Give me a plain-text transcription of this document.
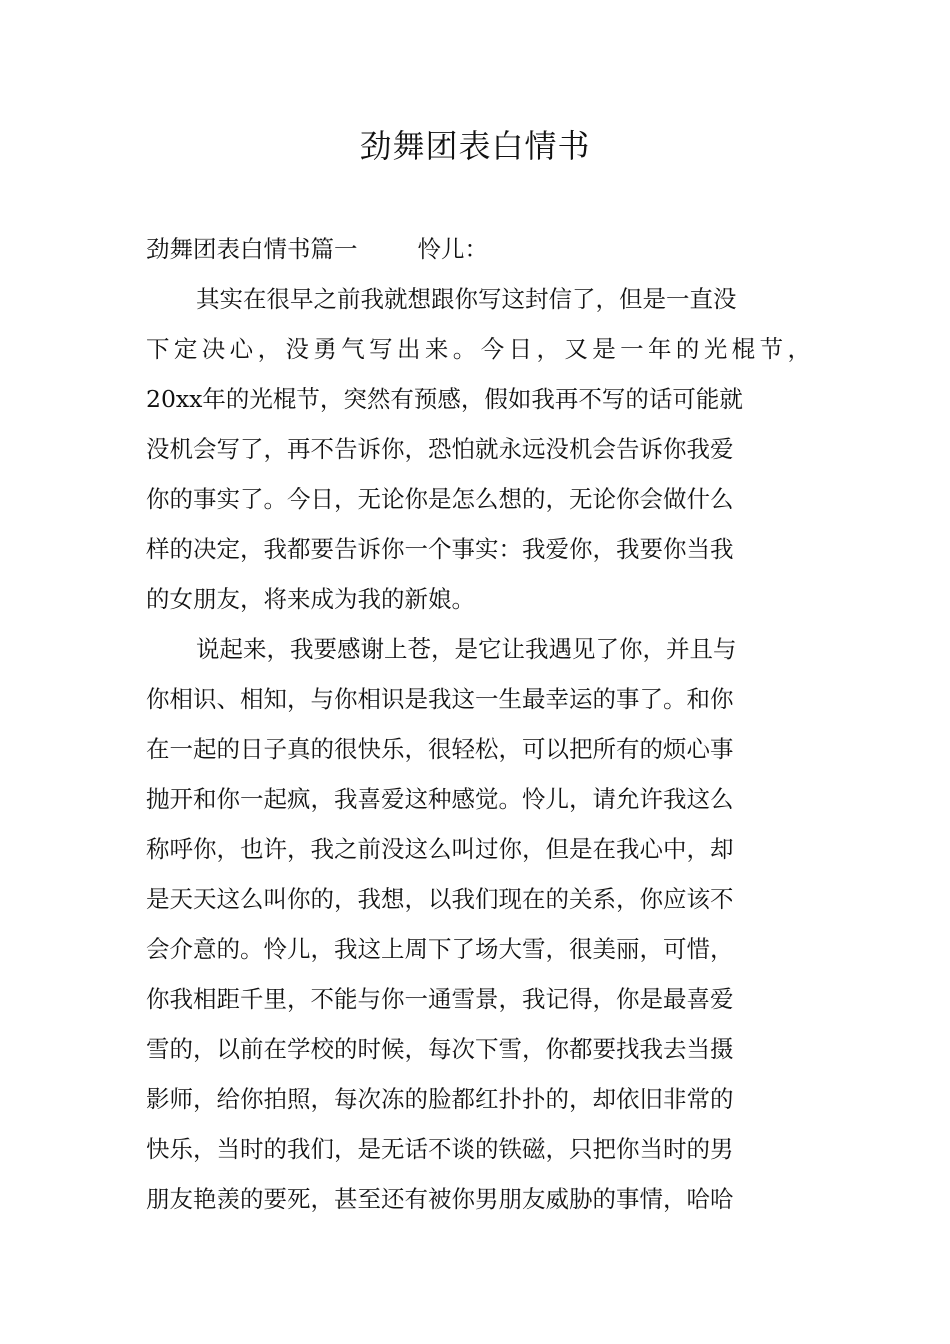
劲舞团表白情书
劲舞团表白情书篇一	怜儿：
其实在很早之前我就想跟你写这封信了，但是一直没
下定决心，没勇气写出来。今日，又是一年的光棍节，
20xx年的光棍节，突然有预感，假如我再不写的话可能就
没机会写了，再不告诉你，恐怕就永远没机会告诉你我爱
你的事实了。今日，无论你是怎么想的，无论你会做什么
样的决定，我都要告诉你一个事实：我爱你，我要你当我
的女朋友，将来成为我的新娘。
说起来，我要感谢上苍，是它让我遇见了你，并且与
你相识、相知，与你相识是我这一生最幸运的事了。和你
在一起的日子真的很快乐，很轻松，可以把所有的烦心事
抛开和你一起疯，我喜爱这种感觉。怜儿，请允许我这么
称呼你，也许，我之前没这么叫过你，但是在我心中，却
是天天这么叫你的，我想，以我们现在的关系，你应该不
会介意的。怜儿，我这上周下了场大雪，很美丽，可惜，
你我相距千里，不能与你一通雪景，我记得，你是最喜爱
雪的，以前在学校的时候，每次下雪，你都要找我去当摄
影师，给你拍照，每次冻的脸都红扑扑的，却依旧非常的
快乐，当时的我们，是无话不谈的铁磁，只把你当时的男
朋友艳羡的要死，甚至还有被你男朋友威胁的事情，哈哈
